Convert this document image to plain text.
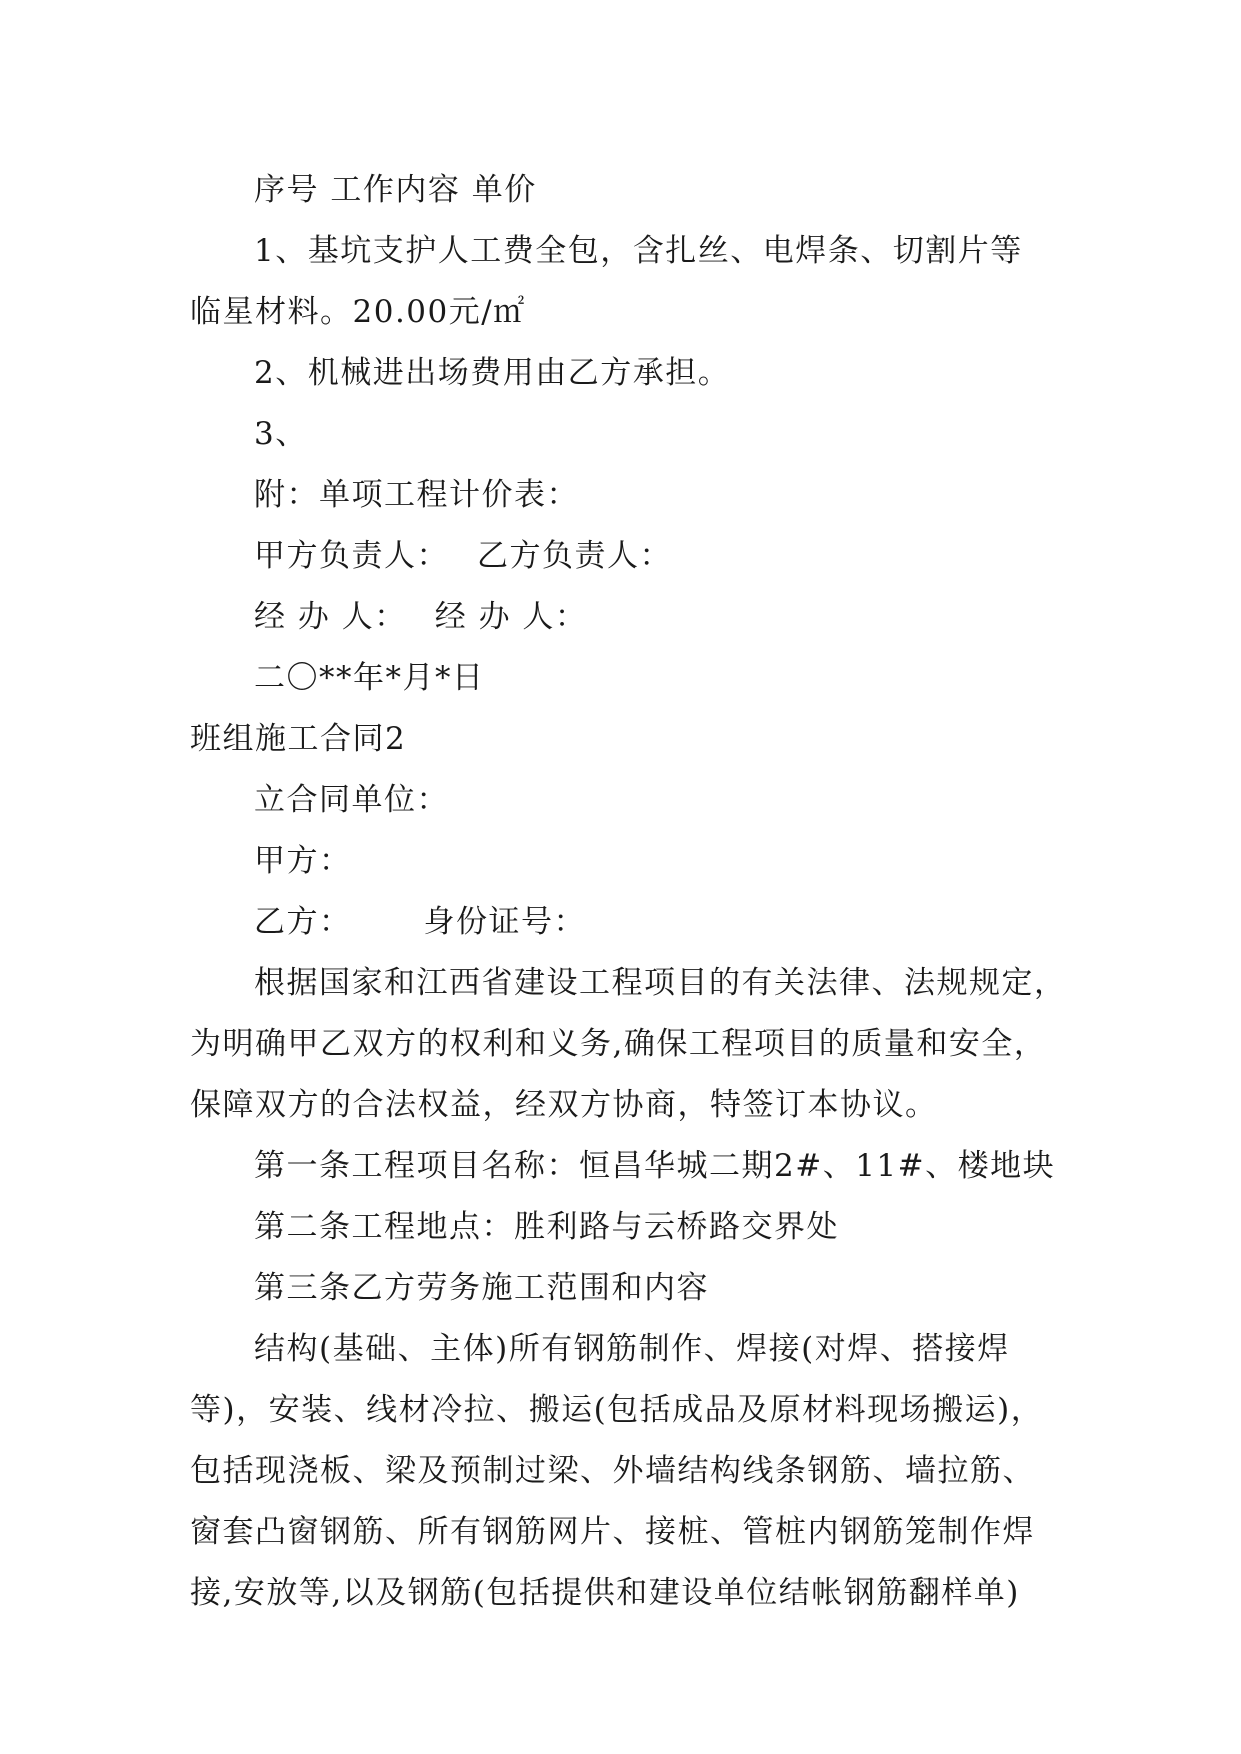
序号 工作内容 单价
1、基坑支护人工费全包，含扎丝、电焊条、切割片等
临星材料。20.00元/㎡
2、机械进出场费用由乙方承担。
3、
附：单项工程计价表：
甲方负责人： 乙方负责人：
经 办 人： 经 办 人：
二〇**年*月*日
班组施工合同2
立合同单位：
甲方：
乙方： 身份证号：
根据国家和江西省建设工程项目的有关法律、法规规定，
为明确甲乙双方的权利和义务,确保工程项目的质量和安全，
保障双方的合法权益，经双方协商，特签订本协议。
第一条工程项目名称：恒昌华城二期2#、11#、楼地块
第二条工程地点：胜利路与云桥路交界处
第三条乙方劳务施工范围和内容
结构(基础、主体)所有钢筋制作、焊接(对焊、搭接焊
等)，安装、线材冷拉、搬运(包括成品及原材料现场搬运)，
包括现浇板、梁及预制过梁、外墙结构线条钢筋、墙拉筋、
窗套凸窗钢筋、所有钢筋网片、接桩、管桩内钢筋笼制作焊
接,安放等,以及钢筋(包括提供和建设单位结帐钢筋翻样单)
